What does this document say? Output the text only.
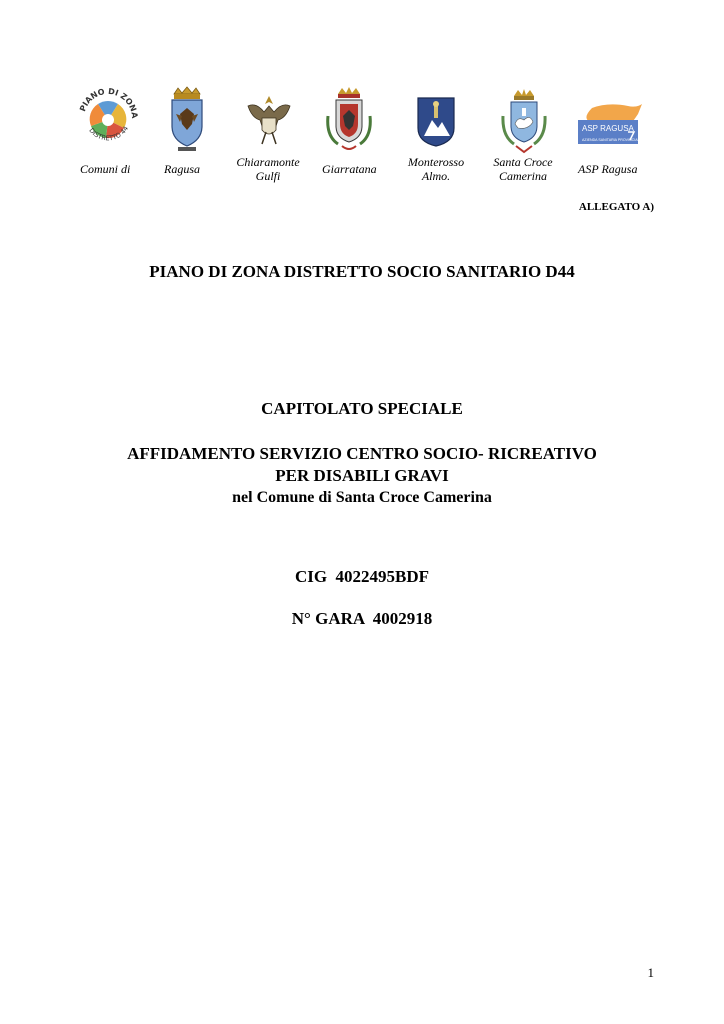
PIANO DI ZONA
DISTRETTO 44
Comuni di	Ragusa	Chiaramonte
Gulfi	Giarratana	Monterosso
Almo.
Santa Croce
Camerina
ASP RAGUSA
AZIENDA SANITARIA PROVINCIALE
ASP Ragusa
ALLEGATO A)
PIANO DI ZONA DISTRETTO SOCIO SANITARIO D44
CAPITOLATO SPECIALE
AFFIDAMENTO SERVIZIO CENTRO SOCIO- RICREATIVO
PER DISABILI GRAVI
nel Comune di Santa Croce Camerina
CIG  4022495BDF
N° GARA  4002918
1
